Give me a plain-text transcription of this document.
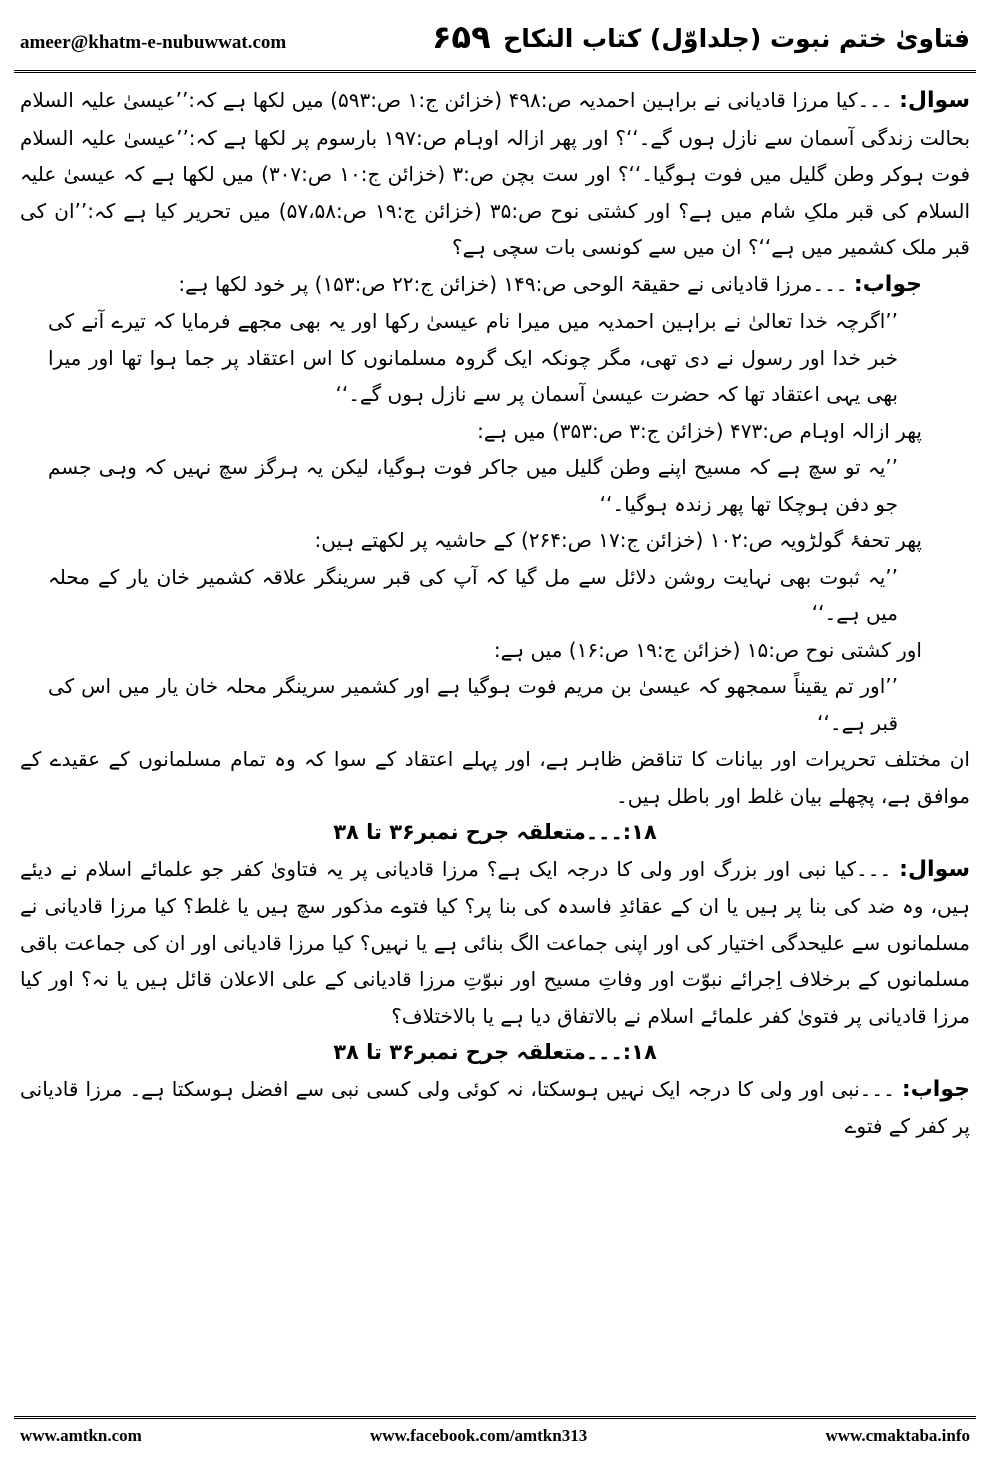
ameer@khatm-e-nubuwwat.com	۶۵۹ فتاویٰ ختم نبوت (جلداوّل) کتاب النکاح

سوال: ۔۔۔کیا مرزا قادیانی نے براہین احمدیہ ص:۴۹۸ (خزائن ج:۱ ص:۵۹۳) میں لکھا ہے کہ:’’عیسیٰ علیہ السلام بحالت زندگی آسمان سے نازل ہوں گے۔‘‘؟ اور پھر ازالہ اوہام ص:۱۹۷ بارسوم پر لکھا ہے کہ:’’عیسیٰ علیہ السلام فوت ہوکر وطن گلیل میں فوت ہوگیا۔‘‘؟ اور ست بچن ص:۳ (خزائن ج:۱۰ ص:۳۰۷) میں لکھا ہے کہ عیسیٰ علیہ السلام کی قبر ملکِ شام میں ہے؟ اور کشتی نوح ص:۳۵ (خزائن ج:۱۹ ص:۵۷،۵۸) میں تحریر کیا ہے کہ:’’ان کی قبر ملک کشمیر میں ہے‘‘؟ ان میں سے کونسی بات سچی ہے؟

جواب: ۔۔۔مرزا قادیانی نے حقیقۃ الوحی ص:۱۴۹ (خزائن ج:۲۲ ص:۱۵۳) پر خود لکھا ہے:

’’اگرچہ خدا تعالیٰ نے براہین احمدیہ میں میرا نام عیسیٰ رکھا اور یہ بھی مجھے فرمایا کہ تیرے آنے کی خبر خدا اور رسول نے دی تھی، مگر چونکہ ایک گروہ مسلمانوں کا اس اعتقاد پر جما ہوا تھا اور میرا بھی یہی اعتقاد تھا کہ حضرت عیسیٰ آسمان پر سے نازل ہوں گے۔‘‘

پھر ازالہ اوہام ص:۴۷۳ (خزائن ج:۳ ص:۳۵۳) میں ہے:

’’یہ تو سچ ہے کہ مسیح اپنے وطن گلیل میں جاکر فوت ہوگیا، لیکن یہ ہرگز سچ نہیں کہ وہی جسم جو دفن ہوچکا تھا پھر زندہ ہوگیا۔‘‘

پھر تحفۂ گولڑویہ ص:۱۰۲ (خزائن ج:۱۷ ص:۲۶۴) کے حاشیہ پر لکھتے ہیں:

’’یہ ثبوت بھی نہایت روشن دلائل سے مل گیا کہ آپ کی قبر سرینگر علاقہ کشمیر خان یار کے محلہ میں ہے۔‘‘

اور کشتی نوح ص:۱۵ (خزائن ج:۱۹ ص:۱۶) میں ہے:

’’اور تم یقیناً سمجھو کہ عیسیٰ بن مریم فوت ہوگیا ہے اور کشمیر سرینگر محلہ خان یار میں اس کی قبر ہے۔‘‘

ان مختلف تحریرات اور بیانات کا تناقض ظاہر ہے، اور پہلے اعتقاد کے سوا کہ وہ تمام مسلمانوں کے عقیدے کے موافق ہے، پچھلے بیان غلط اور باطل ہیں۔

۱۸:۔۔۔متعلقہ جرح نمبر۳۶ تا ۳۸

سوال: ۔۔۔کیا نبی اور بزرگ اور ولی کا درجہ ایک ہے؟ مرزا قادیانی پر یہ فتاویٰ کفر جو علمائے اسلام نے دیئے ہیں، وہ ضد کی بنا پر ہیں یا ان کے عقائدِ فاسدہ کی بنا پر؟ کیا فتوے مذکور سچ ہیں یا غلط؟ کیا مرزا قادیانی نے مسلمانوں سے علیحدگی اختیار کی اور اپنی جماعت الگ بنائی ہے یا نہیں؟ کیا مرزا قادیانی اور ان کی جماعت باقی مسلمانوں کے برخلاف اِجرائے نبوّت اور وفاتِ مسیح اور نبوّتِ مرزا قادیانی کے علی الاعلان قائل ہیں یا نہ؟ اور کیا مرزا قادیانی پر فتویٰ کفر علمائے اسلام نے بالاتفاق دیا ہے یا بالاختلاف؟

۱۸:۔۔۔متعلقہ جرح نمبر۳۶ تا ۳۸

جواب: ۔۔۔نبی اور ولی کا درجہ ایک نہیں ہوسکتا، نہ کوئی ولی کسی نبی سے افضل ہوسکتا ہے۔ مرزا قادیانی پر کفر کے فتوے

www.amtkn.com	www.facebook.com/amtkn313	www.cmaktaba.info
